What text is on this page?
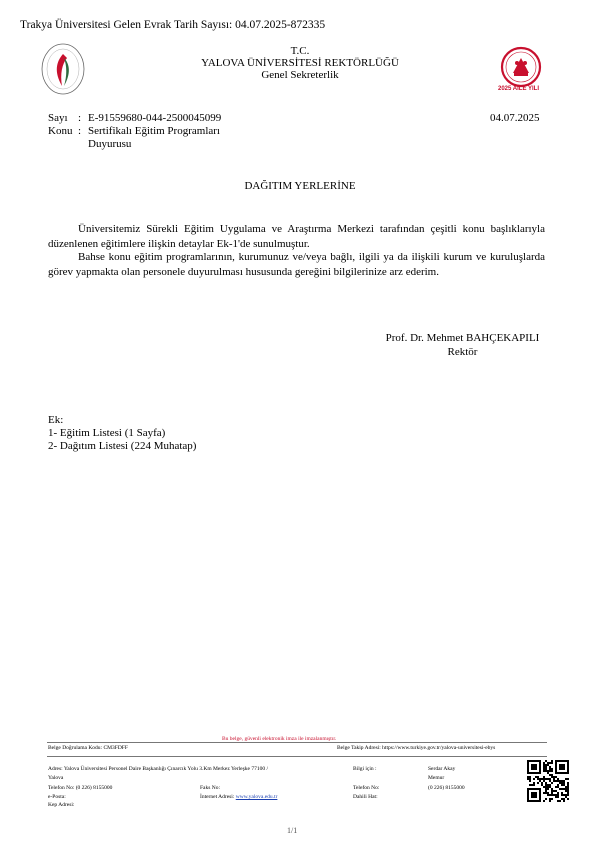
Trakya Üniversitesi Gelen Evrak Tarih Sayısı: 04.07.2025-872335
2025 AİLE YILI
T.C.
YALOVA ÜNİVERSİTESİ REKTÖRLÜĞÜ
Genel Sekreterlik
Sayı : E-91559680-044-2500045099	04.07.2025
Konu : Sertifikalı Eğitim Programları
Duyurusu
DAĞITIM YERLERİNE
Üniversitemiz Sürekli Eğitim Uygulama ve Araştırma Merkezi tarafından çeşitli konu başlıklarıyla düzenlenen eğitimlere ilişkin detaylar Ek-1'de sunulmuştur.
Bahse konu eğitim programlarının, kurumunuz ve/veya bağlı, ilgili ya da ilişkili kurum ve kuruluşlarda görev yapmakta olan personele duyurulması hususunda gereğini bilgilerinize arz ederim.
Prof. Dr. Mehmet BAHÇEKAPILI
Rektör
Ek:
1- Eğitim Listesi (1 Sayfa)
2- Dağıtım Listesi (224 Muhatap)
Bu belge, güvenli elektronik imza ile imzalanmıştır.
Belge Doğrulama Kodu: CM3FDFF	Belge Takip Adresi: https://www.turkiye.gov.tr/yalova-universitesi-ebys
Adres: Yalova Üniversitesi Personel Daire Başkanlığı Çınarcık Yolu 3.Km Merkez Yerleşke 77100 /
Yalova
Telefon No: (0 226) 8155000
e-Posta:
Kep Adresi:
Faks No:
İnternet Adresi: www.yalova.edu.tr
Bilgi için :	Serdar Akay
Memur
Telefon No:	(0 226) 8155000
Dahili Hat:
1/1
